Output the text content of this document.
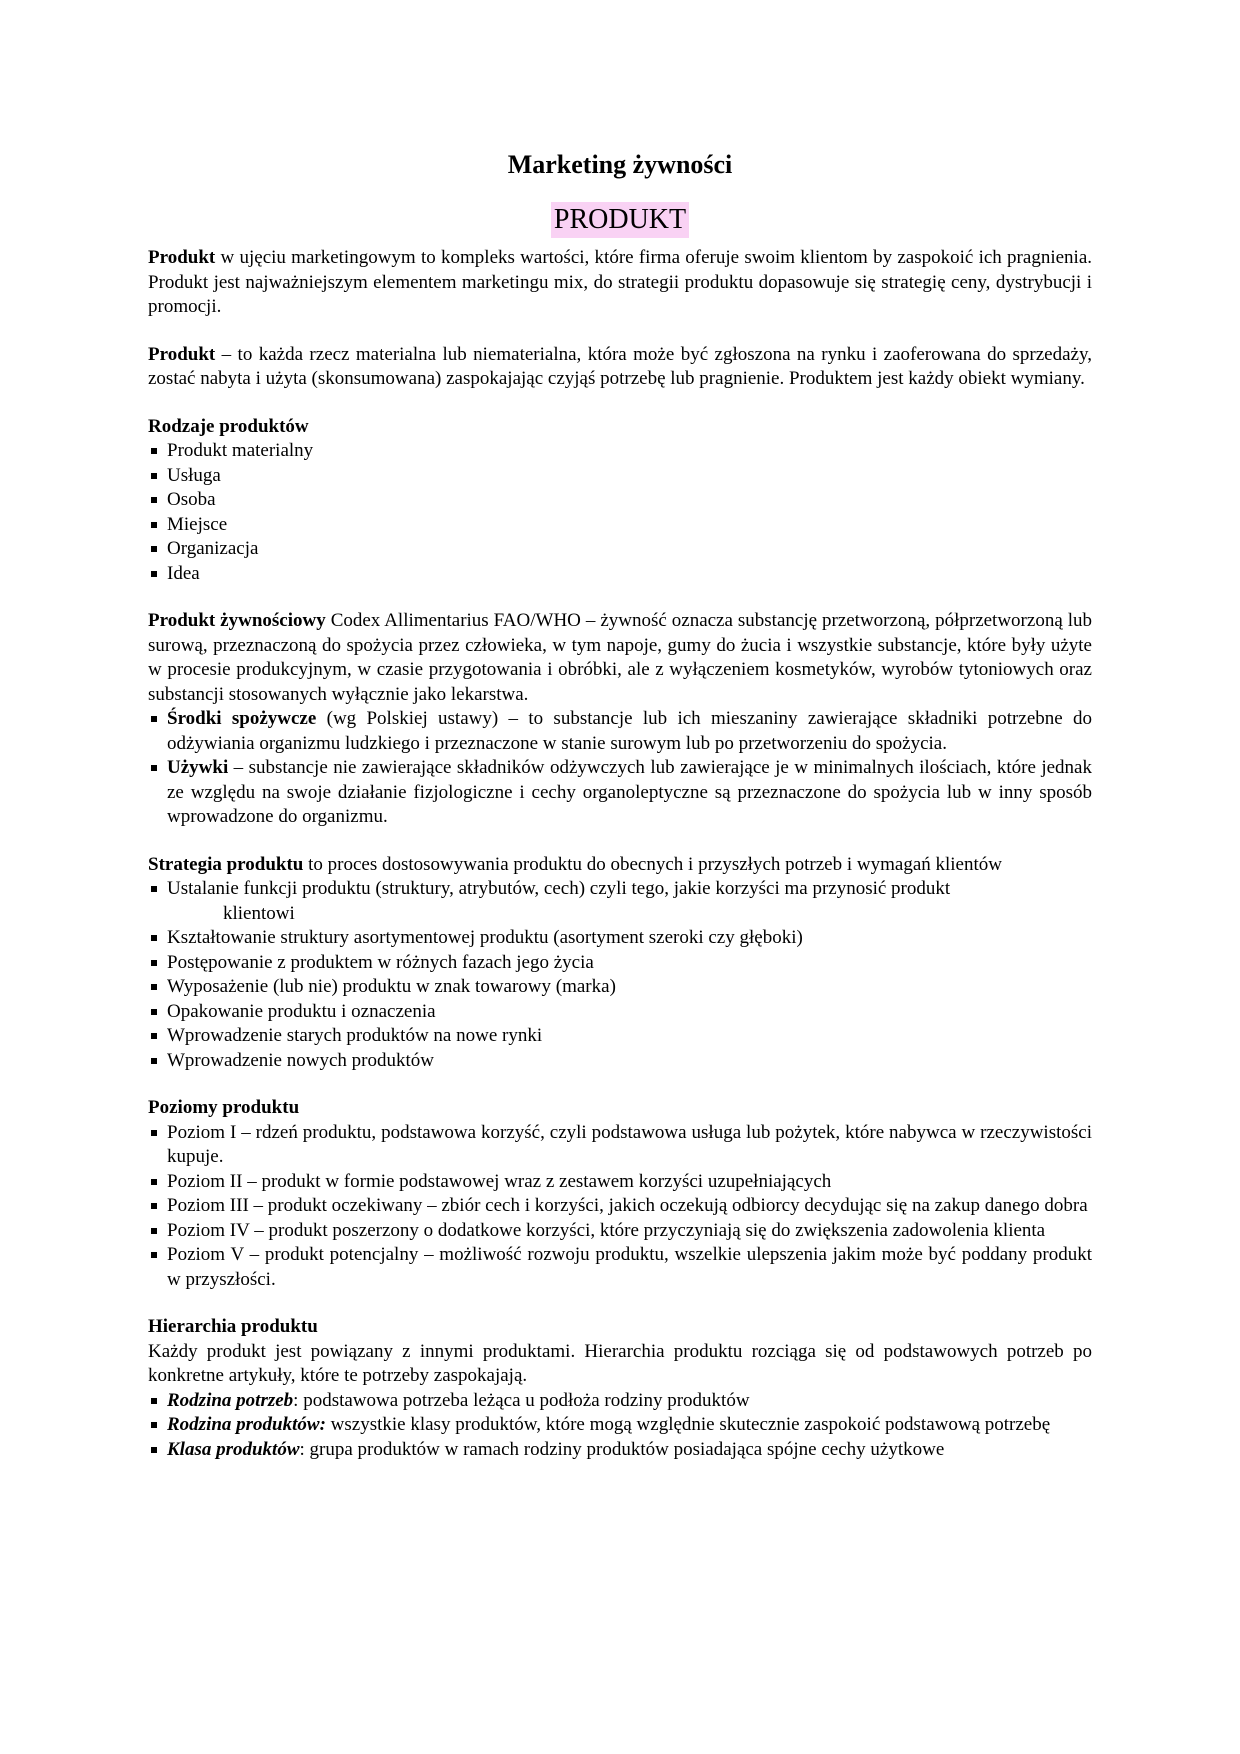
Marketing żywności
PRODUKT

Produkt w ujęciu marketingowym to kompleks wartości, które firma oferuje swoim klientom by zaspokoić ich pragnienia. Produkt jest najważniejszym elementem marketingu mix, do strategii produktu dopasowuje się strategię ceny, dystrybucji i promocji.

Produkt – to każda rzecz materialna lub niematerialna, która może być zgłoszona na rynku i zaoferowana do sprzedaży, zostać nabyta i użyta (skonsumowana) zaspokajając czyjąś potrzebę lub pragnienie. Produktem jest każdy obiekt wymiany.

Rodzaje produktów

Produkt materialny
Usługa
Osoba
Miejsce
Organizacja
Idea

Produkt żywnościowy Codex Allimentarius FAO/WHO – żywność oznacza substancję przetworzoną, półprzetworzoną lub surową, przeznaczoną do spożycia przez człowieka, w tym napoje, gumy do żucia i wszystkie substancje, które były użyte w procesie produkcyjnym, w czasie przygotowania i obróbki, ale z wyłączeniem kosmetyków, wyrobów tytoniowych oraz substancji stosowanych wyłącznie jako lekarstwa.

Środki spożywcze (wg Polskiej ustawy) – to substancje lub ich mieszaniny zawierające składniki potrzebne do odżywiania organizmu ludzkiego i przeznaczone w stanie surowym lub po przetworzeniu do spożycia.
Używki – substancje nie zawierające składników odżywczych lub zawierające je w minimalnych ilościach, które jednak ze względu na swoje działanie fizjologiczne i cechy organoleptyczne są przeznaczone do spożycia lub w inny sposób wprowadzone do organizmu.

Strategia produktu to proces dostosowywania produktu do obecnych i przyszłych potrzeb i wymagań klientów

Ustalanie funkcji produktu (struktury, atrybutów, cech) czyli tego, jakie korzyści ma przynosić produkt
klientowi
Kształtowanie struktury asortymentowej produktu (asortyment szeroki czy głęboki)
Postępowanie z produktem w różnych fazach jego życia
Wyposażenie (lub nie) produktu w znak towarowy (marka)
Opakowanie produktu i oznaczenia
Wprowadzenie starych produktów na nowe rynki
Wprowadzenie nowych produktów

Poziomy produktu

Poziom I – rdzeń produktu, podstawowa korzyść, czyli podstawowa usługa lub pożytek, które nabywca w rzeczywistości kupuje.
Poziom II – produkt w formie podstawowej wraz z zestawem korzyści uzupełniających
Poziom III – produkt oczekiwany – zbiór cech i korzyści, jakich oczekują odbiorcy decydując się na zakup danego dobra
Poziom IV – produkt poszerzony o dodatkowe korzyści, które przyczyniają się do zwiększenia zadowolenia klienta
Poziom V – produkt potencjalny – możliwość rozwoju produktu, wszelkie ulepszenia jakim może być poddany produkt w przyszłości.

Hierarchia produktu

Każdy produkt jest powiązany z innymi produktami. Hierarchia produktu rozciąga się od podstawowych potrzeb po konkretne artykuły, które te potrzeby zaspokajają.

Rodzina potrzeb: podstawowa potrzeba leżąca u podłoża rodziny produktów
Rodzina produktów: wszystkie klasy produktów, które mogą względnie skutecznie zaspokoić podstawową potrzebę
Klasa produktów: grupa produktów w ramach rodziny produktów posiadająca spójne cechy użytkowe
